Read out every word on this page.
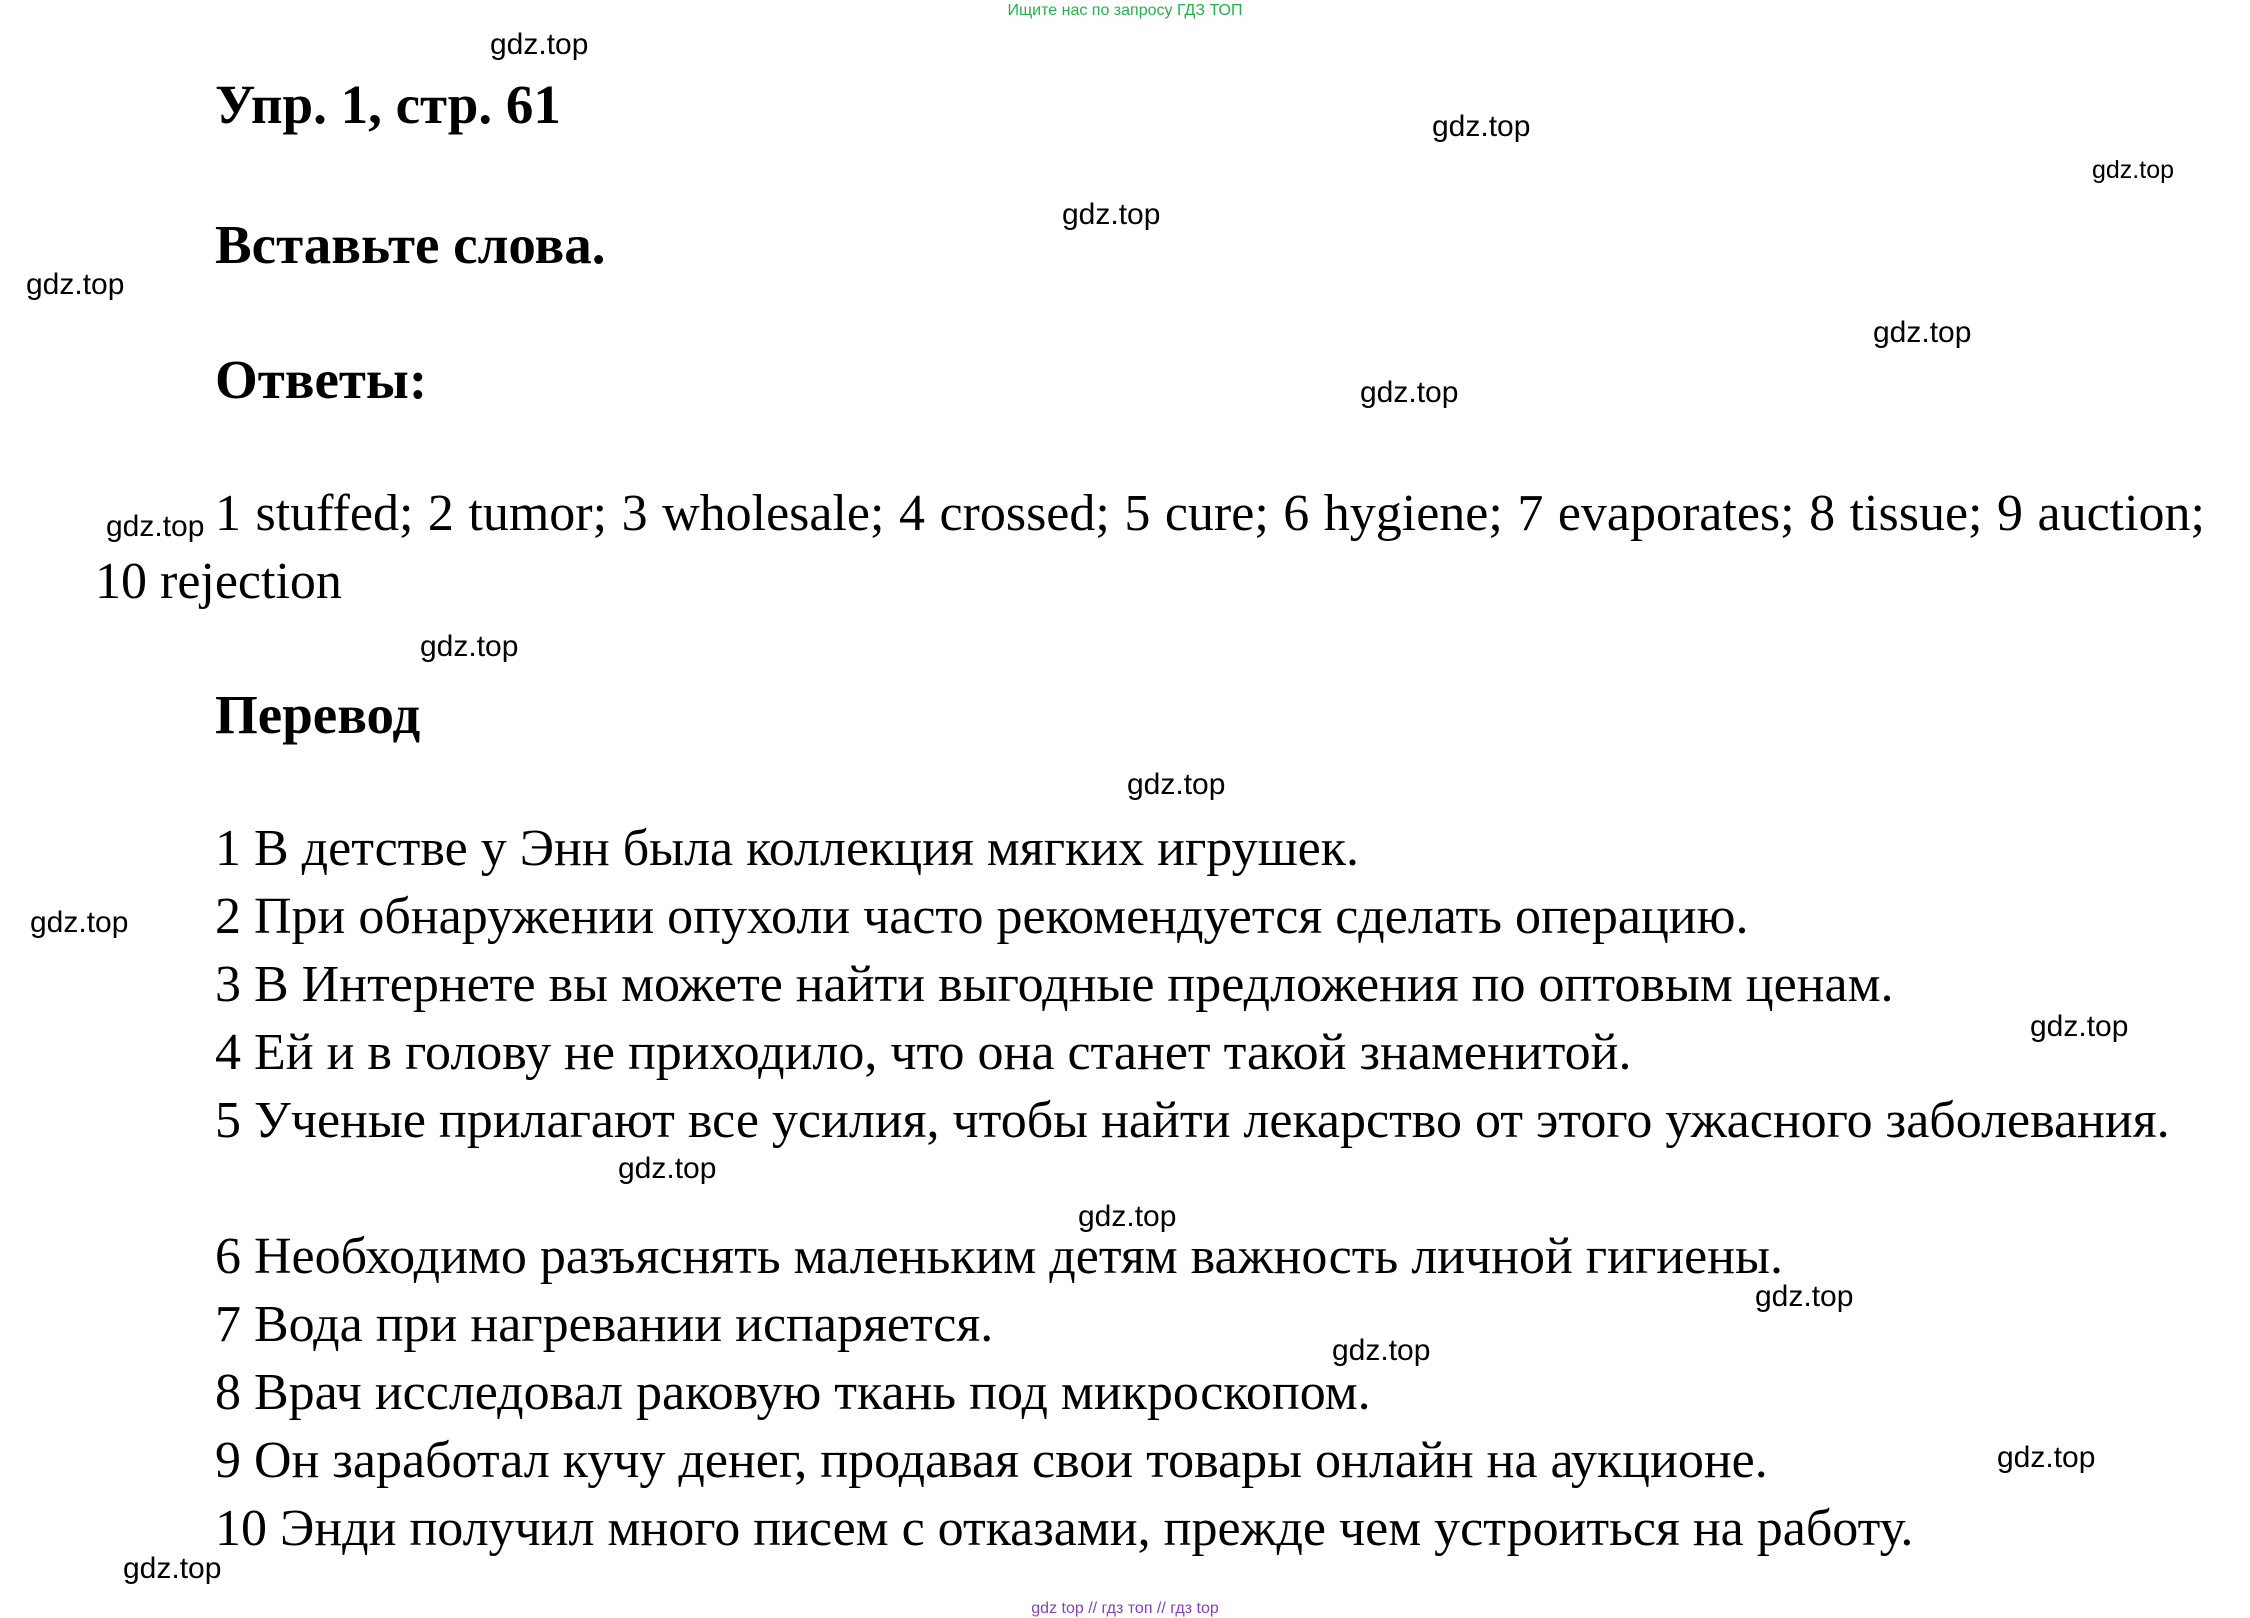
Ищите нас по запросу ГДЗ ТОП
Упр. 1, стр. 61
Вставьте слова.
Ответы:

1 stuffed; 2 tumor; 3 wholesale; 4 crossed; 5 cure; 6 hygiene; 7 evaporates; 8 tissue; 9 auction; 10 rejection

Перевод
1 В детстве у Энн была коллекция мягких игрушек.
2 При обнаружении опухоли часто рекомендуется сделать операцию.
3 В Интернете вы можете найти выгодные предложения по оптовым ценам.
4 Ей и в голову не приходило, что она станет такой знаменитой.

5 Ученые прилагают все усилия, чтобы найти лекарство от этого ужасного заболевания.

6 Необходимо разъяснять маленьким детям важность личной гигиены.
7 Вода при нагревании испаряется.
8 Врач исследовал раковую ткань под микроскопом.
9 Он заработал кучу денег, продавая свои товары онлайн на аукционе.
10 Энди получил много писем с отказами, прежде чем устроиться на работу.
gdz.top
gdz.top
gdz.top
gdz.top
gdz.top
gdz.top
gdz.top
gdz.top
gdz.top
gdz.top
gdz.top
gdz.top
gdz.top
gdz.top
gdz.top
gdz.top
gdz.top
gdz.top
gdz top // гдз топ // гдз top
